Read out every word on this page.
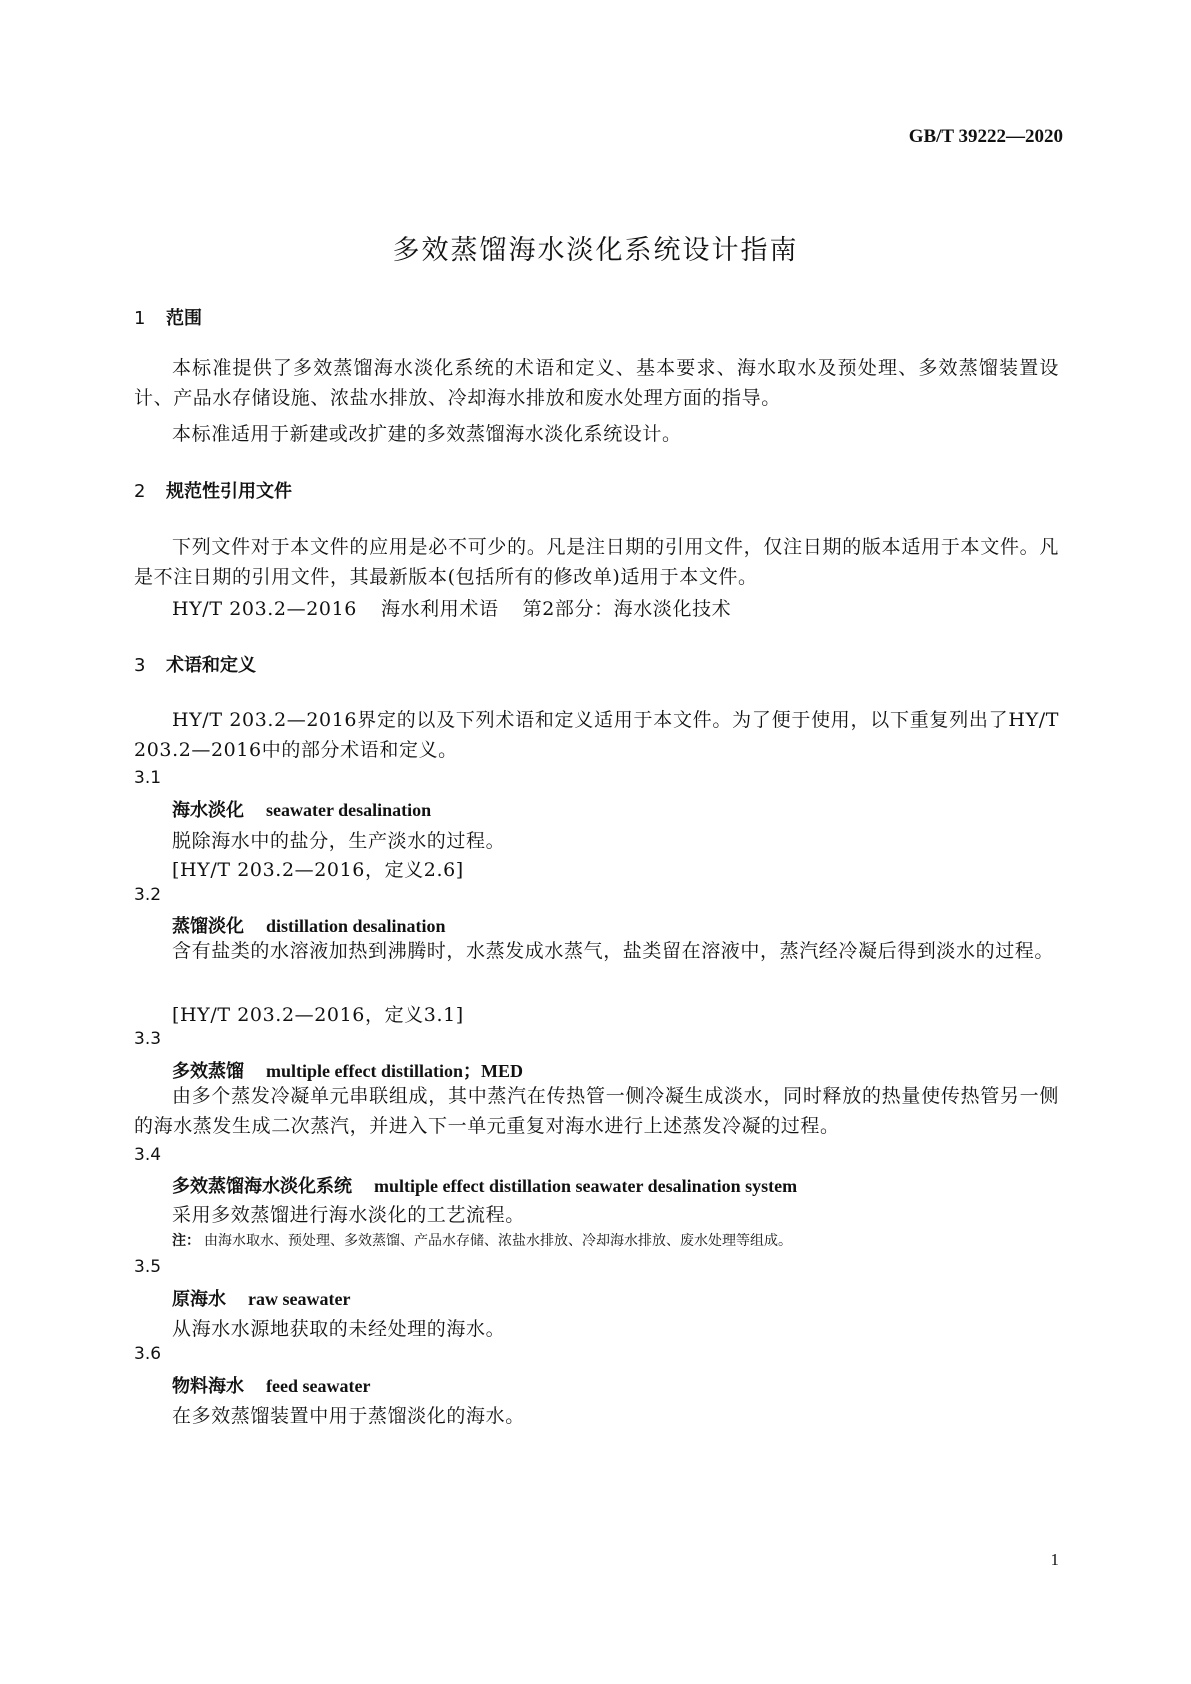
GB/T 39222—2020
多效蒸馏海水淡化系统设计指南
1 范围
本标准提供了多效蒸馏海水淡化系统的术语和定义、基本要求、海水取水及预处理、多效蒸馏装置设计、产品水存储设施、浓盐水排放、冷却海水排放和废水处理方面的指导。
本标准适用于新建或改扩建的多效蒸馏海水淡化系统设计。
2 规范性引用文件
下列文件对于本文件的应用是必不可少的。凡是注日期的引用文件，仅注日期的版本适用于本文件。凡是不注日期的引用文件，其最新版本(包括所有的修改单)适用于本文件。
HY/T 203.2—2016 海水利用术语 第2部分：海水淡化技术
3 术语和定义
HY/T 203.2—2016界定的以及下列术语和定义适用于本文件。为了便于使用，以下重复列出了HY/T 203.2—2016中的部分术语和定义。
3.1
海水淡化 seawater desalination
脱除海水中的盐分，生产淡水的过程。
[HY/T 203.2—2016，定义2.6]
3.2
蒸馏淡化 distillation desalination
含有盐类的水溶液加热到沸腾时，水蒸发成水蒸气，盐类留在溶液中，蒸汽经冷凝后得到淡水的过程。
[HY/T 203.2—2016，定义3.1]
3.3
多效蒸馏 multiple effect distillation；MED
由多个蒸发冷凝单元串联组成，其中蒸汽在传热管一侧冷凝生成淡水，同时释放的热量使传热管另一侧的海水蒸发生成二次蒸汽，并进入下一单元重复对海水进行上述蒸发冷凝的过程。
3.4
多效蒸馏海水淡化系统 multiple effect distillation seawater desalination system
采用多效蒸馏进行海水淡化的工艺流程。
注： 由海水取水、预处理、多效蒸馏、产品水存储、浓盐水排放、冷却海水排放、废水处理等组成。
3.5
原海水 raw seawater
从海水水源地获取的未经处理的海水。
3.6
物料海水 feed seawater
在多效蒸馏装置中用于蒸馏淡化的海水。
1
